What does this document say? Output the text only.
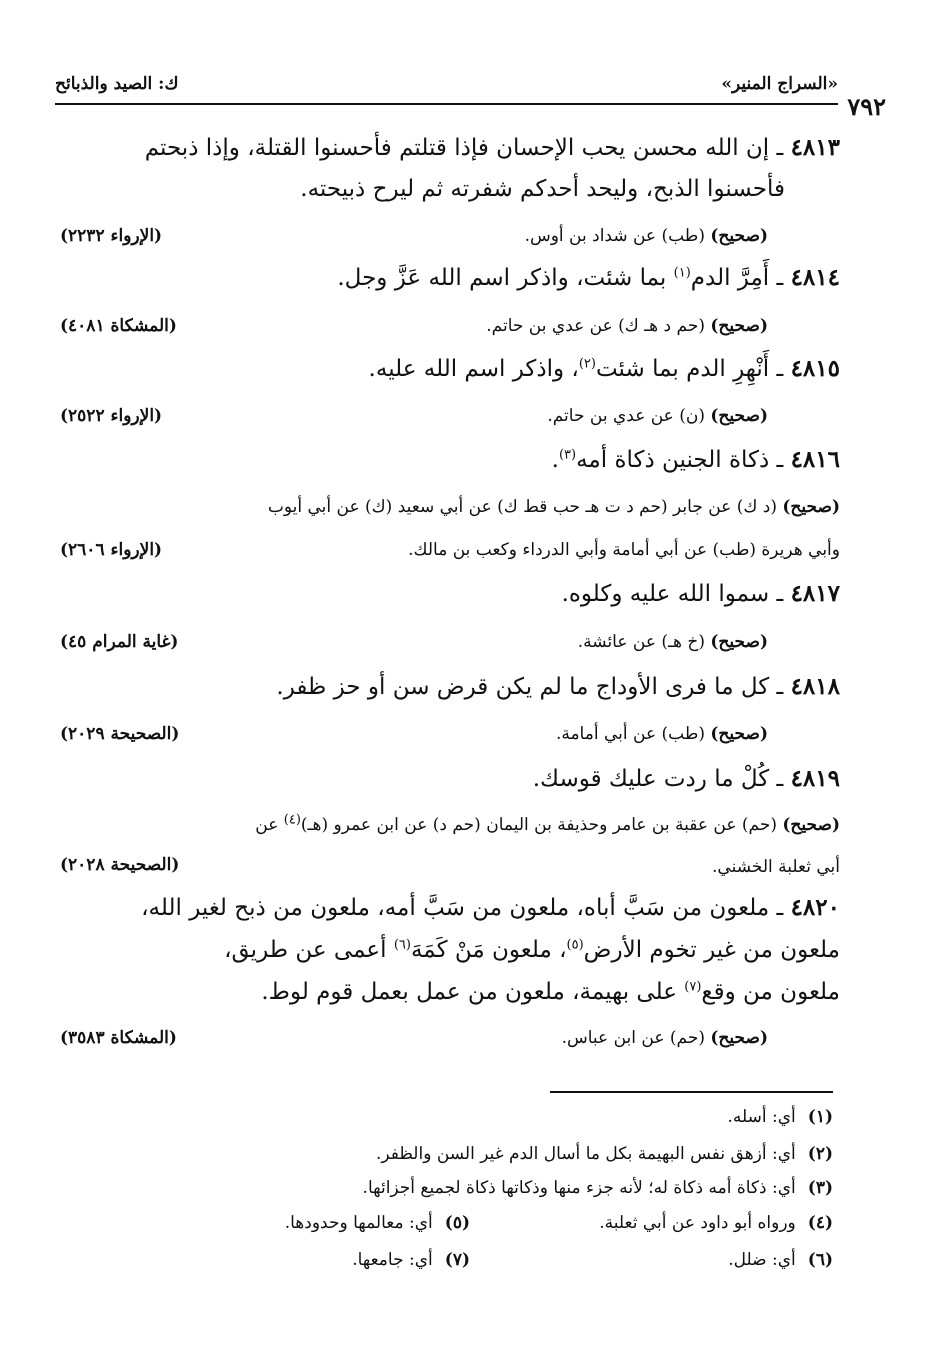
«السراج المنير»
ك: الصيد والذبائح
٧٩٢
٤٨١٣ ـ إن الله محسن يحب الإحسان فإذا قتلتم فأحسنوا القتلة، وإذا ذبحتم
فأحسنوا الذبح، وليحد أحدكم شفرته ثم ليرح ذبيحته.
(صحيح) (طب) عن شداد بن أوس.
(الإرواء ٢٢٣٢)
٤٨١٤ ـ أَمِرَّ الدم$^{(١)}$ بما شئت، واذكر اسم الله عَزَّ وجل.
(صحيح) (حم د هـ ك) عن عدي بن حاتم.
(المشكاة ٤٠٨١)
٤٨١٥ ـ أَنْهِرِ الدم بما شئت$^{(٢)}$، واذكر اسم الله عليه.
(صحيح) (ن) عن عدي بن حاتم.
(الإرواء ٢٥٢٢)
٤٨١٦ ـ ذكاة الجنين ذكاة أمه$^{(٣)}$.
(صحيح) (د ك) عن جابر (حم د ت هـ حب قط ك) عن أبي سعيد (ك) عن أبي أيوب
وأبي هريرة (طب) عن أبي أمامة وأبي الدرداء وكعب بن مالك.
(الإرواء ٢٦٠٦)
٤٨١٧ ـ سموا الله عليه وكلوه.
(صحيح) (خ هـ) عن عائشة.
(غاية المرام ٤٥)
٤٨١٨ ـ كل ما فرى الأوداج ما لم يكن قرض سن أو حز ظفر.
(صحيح) (طب) عن أبي أمامة.
(الصحيحة ٢٠٢٩)
٤٨١٩ ـ كُلْ ما ردت عليك قوسك.
(صحيح) (حم) عن عقبة بن عامر وحذيفة بن اليمان (حم د) عن ابن عمرو (هـ)$^{(٤)}$ عن
أبي ثعلبة الخشني.
(الصحيحة ٢٠٢٨)
٤٨٢٠ ـ ملعون من سَبَّ أباه، ملعون من سَبَّ أمه، ملعون من ذبح لغير الله،
ملعون من غير تخوم الأرض$^{(٥)}$، ملعون مَنْ كَمَهَ$^{(٦)}$ أعمى عن طريق،
ملعون من وقع$^{(٧)}$ على بهيمة، ملعون من عمل بعمل قوم لوط.
(صحيح) (حم) عن ابن عباس.
(المشكاة ٣٥٨٣)
(١)أي: أسله.
(٢)أي: أزهق نفس البهيمة بكل ما أسال الدم غير السن والظفر.
(٣)أي: ذكاة أمه ذكاة له؛ لأنه جزء منها وذكاتها ذكاة لجميع أجزائها.
(٤)ورواه أبو داود عن أبي ثعلبة.
(٥)أي: معالمها وحدودها.
(٦)أي: ضلل.
(٧)أي: جامعها.
